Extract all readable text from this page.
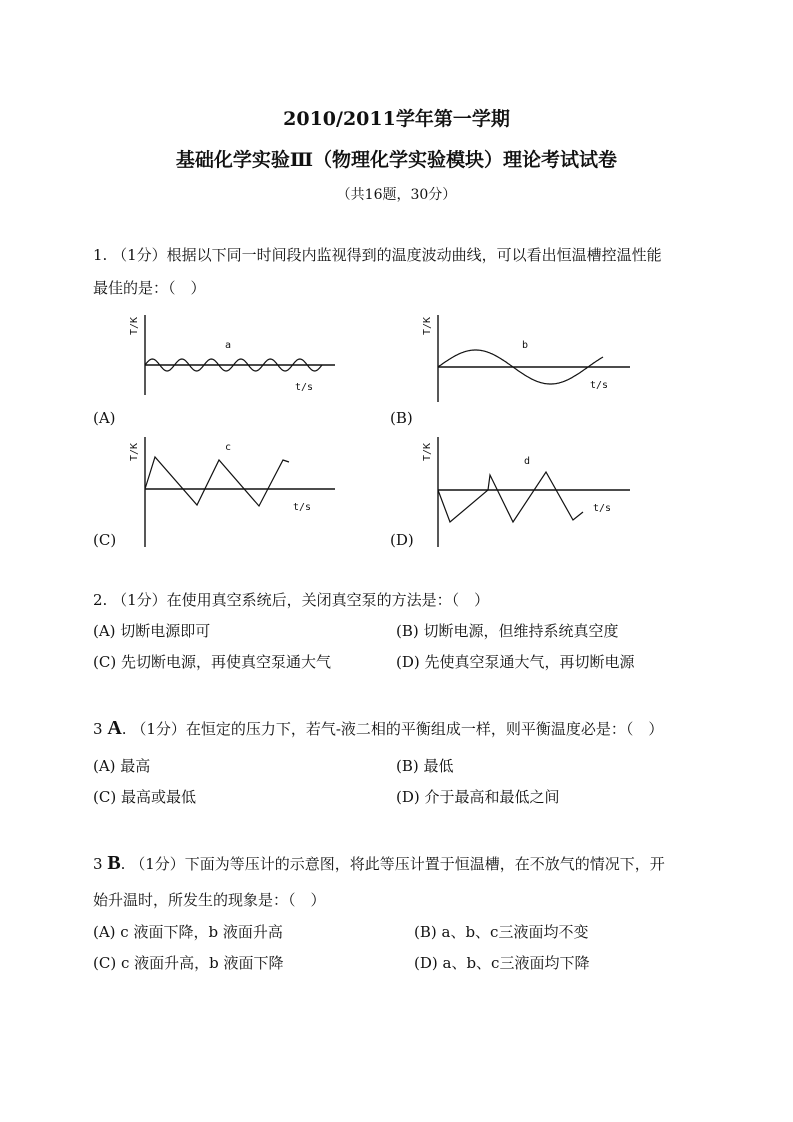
2010/2011学年第一学期
基础化学实验Ⅲ（物理化学实验模块）理论考试试卷
（共16题，30分）
1. （1分）根据以下同一时间段内监视得到的温度波动曲线，可以看出恒温槽控温性能
最佳的是：（　）
T/K
a
t/s
(A)
T/K
b
t/s
(B)
T/K	c
t/s
(C)
T/K
d
t/s
(D)
2. （1分）在使用真空系统后，关闭真空泵的方法是：（　）
(A) 切断电源即可	(B) 切断电源，但维持系统真空度
(C) 先切断电源，再使真空泵通大气	(D) 先使真空泵通大气，再切断电源
3 A. （1分）在恒定的压力下，若气-液二相的平衡组成一样，则平衡温度必是：（　）
(A) 最高	(B) 最低
(C) 最高或最低	(D) 介于最高和最低之间
3 B. （1分）下面为等压计的示意图，将此等压计置于恒温槽，在不放气的情况下，开
始升温时，所发生的现象是：（　）
(A) c 液面下降，b 液面升高	(B) a、b、c三液面均不变
(C) c 液面升高，b 液面下降	(D) a、b、c三液面均下降
